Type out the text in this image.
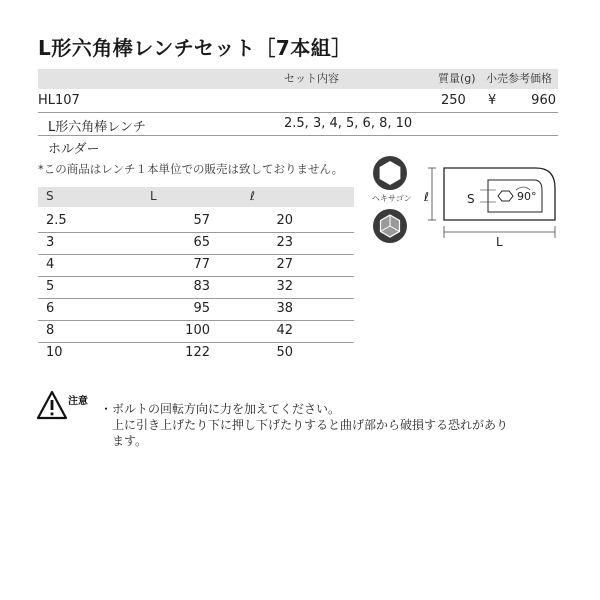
L形六角棒レンチセット［7本組］
セット内容	質量(g) 小売参考価格
HL107	250 ¥	960
L形六角棒レンチ	2.5, 3, 4, 5, 6, 8, 10
ホルダー
*この商品はレンチ１本単位での販売は致しておりません。
S	L	ℓ
2.5	57	20
3	65	23
4	77	27
5	83	32
6	95	38
8	100	42
10	122	50
ヘキサゴン ℓ	S	90°
L
注意
・ボルトの回転方向に力を加えてください。
上に引き上げたり下に押し下げたりすると曲げ部から破損する恐れがあり
ます。
